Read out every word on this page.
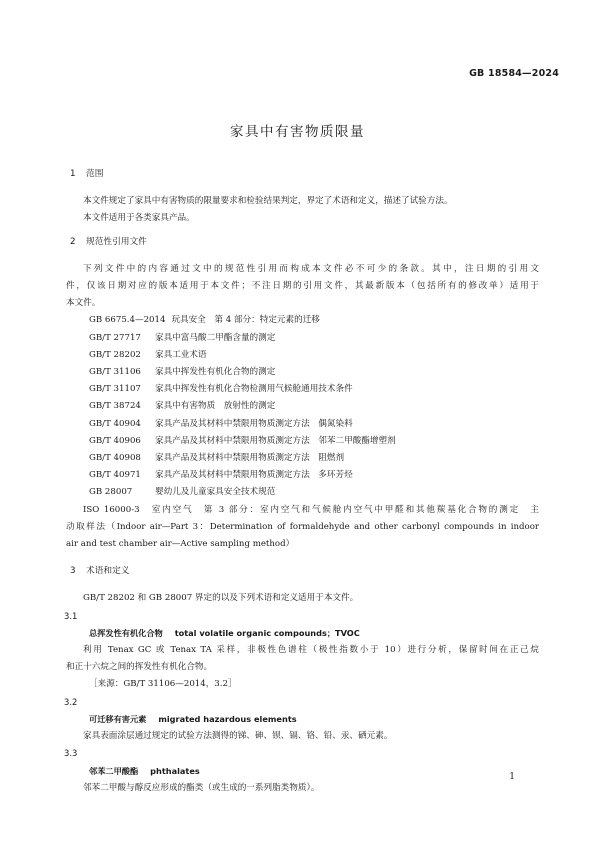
GB 18584—2024
家具中有害物质限量
1 范围

本文件规定了家具中有害物质的限量要求和检验结果判定，界定了术语和定义，描述了试验方法。

本文件适用于各类家具产品。

2 规范性引用文件

下列文件中的内容通过文中的规范性引用而构成本文件必不可少的条款。其中，注日期的引用文

件，仅该日期对应的版本适用于本文件；不注日期的引用文件，其最新版本（包括所有的修改单）适用于

本文件。

GB 6675.4—2014 玩具安全　第 4 部分：特定元素的迁移
GB/T 27717 家具中富马酸二甲酯含量的测定
GB/T 28202 家具工业术语
GB/T 31106 家具中挥发性有机化合物的测定
GB/T 31107 家具中挥发性有机化合物检测用气候舱通用技术条件
GB/T 38724 家具中有害物质　放射性的测定
GB/T 40904 家具产品及其材料中禁限用物质测定方法　偶氮染料
GB/T 40906 家具产品及其材料中禁限用物质测定方法　邻苯二甲酸酯增塑剂
GB/T 40908 家具产品及其材料中禁限用物质测定方法　阻燃剂
GB/T 40971 家具产品及其材料中禁限用物质测定方法　多环芳烃
GB 28007	婴幼儿及儿童家具安全技术规范

ISO 16000-3　室内空气　第 3 部分：室内空气和气候舱内空气中甲醛和其他羰基化合物的测定　主

动取样法（Indoor air—Part 3：Determination of formaldehyde and other carbonyl compounds in indoor

air and test chamber air—Active sampling method）

3 术语和定义

GB/T 28202 和 GB 28007 界定的以及下列术语和定义适用于本文件。

3.1
总挥发性有机化合物 total volatile organic compounds；TVOC

利用 Tenax GC 或 Tenax TA 采样，非极性色谱柱（极性指数小于 10）进行分析，保留时间在正己烷

和正十六烷之间的挥发性有机化合物。

［来源：GB/T 31106—2014，3.2］
3.2
可迁移有害元素 migrated hazardous elements

家具表面涂层通过规定的试验方法测得的锑、砷、钡、镉、铬、铅、汞、硒元素。

3.3
邻苯二甲酸酯 phthalates

邻苯二甲酸与醇反应形成的酯类（或生成的一系列脂类物质）。

1
